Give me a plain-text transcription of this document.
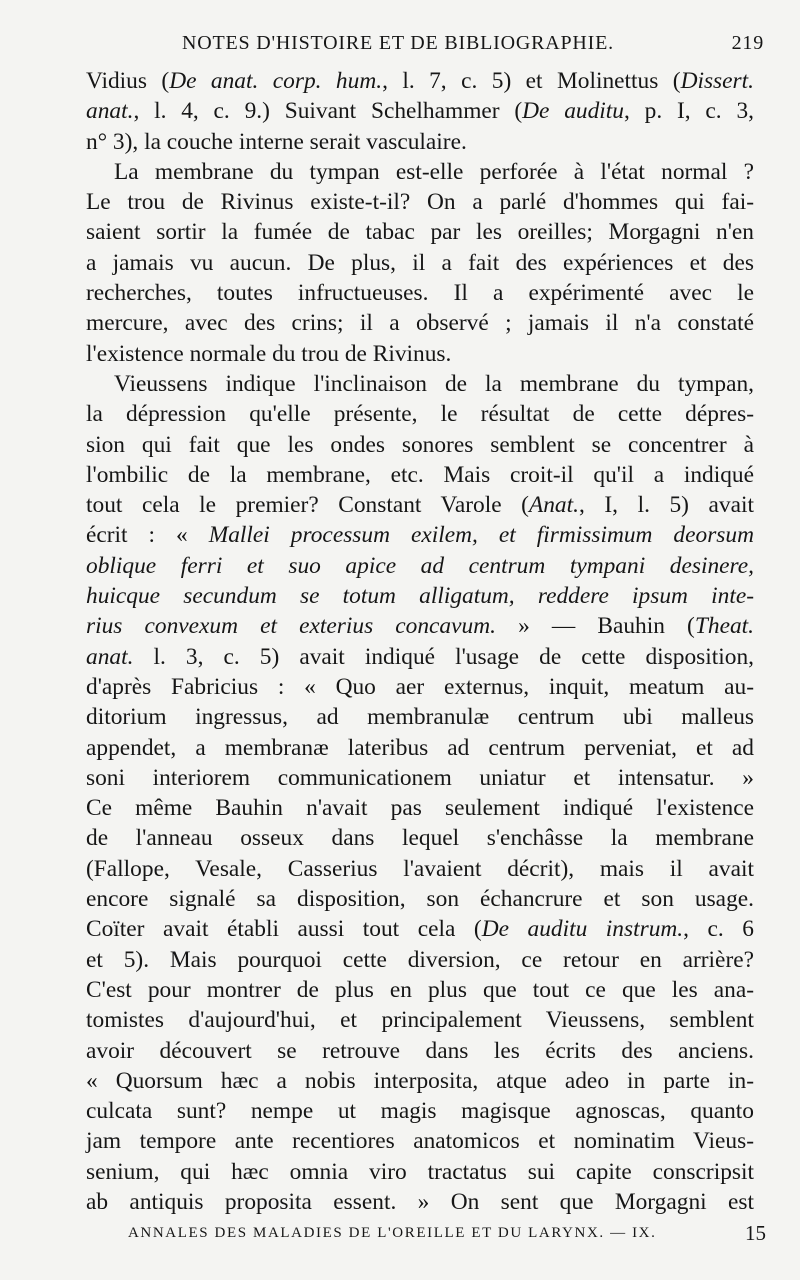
NOTES D'HISTOIRE ET DE BIBLIOGRAPHIE.	219
Vidius (De anat. corp. hum., l. 7, c. 5) et Molinettus (Dissert.
anat., l. 4, c. 9.) Suivant Schelhammer (De auditu, p. I, c. 3,
n° 3), la couche interne serait vasculaire.
La membrane du tympan est-elle perforée à l'état normal ?
Le trou de Rivinus existe-t-il? On a parlé d'hommes qui fai-
saient sortir la fumée de tabac par les oreilles; Morgagni n'en
a jamais vu aucun. De plus, il a fait des expériences et des
recherches, toutes infructueuses. Il a expérimenté avec le
mercure, avec des crins; il a observé ; jamais il n'a constaté
l'existence normale du trou de Rivinus.
Vieussens indique l'inclinaison de la membrane du tympan,
la dépression qu'elle présente, le résultat de cette dépres-
sion qui fait que les ondes sonores semblent se concentrer à
l'ombilic de la membrane, etc. Mais croit-il qu'il a indiqué
tout cela le premier? Constant Varole (Anat., I, l. 5) avait
écrit : « Mallei processum exilem, et firmissimum deorsum
oblique ferri et suo apice ad centrum tympani desinere,
huicque secundum se totum alligatum, reddere ipsum inte-
rius convexum et exterius concavum. » — Bauhin (Theat.
anat. l. 3, c. 5) avait indiqué l'usage de cette disposition,
d'après Fabricius : « Quo aer externus, inquit, meatum au-
ditorium ingressus, ad membranulæ centrum ubi malleus
appendet, a membranæ lateribus ad centrum perveniat, et ad
soni interiorem communicationem uniatur et intensatur. »
Ce même Bauhin n'avait pas seulement indiqué l'existence
de l'anneau osseux dans lequel s'enchâsse la membrane
(Fallope, Vesale, Casserius l'avaient décrit), mais il avait
encore signalé sa disposition, son échancrure et son usage.
Coïter avait établi aussi tout cela (De auditu instrum., c. 6
et 5). Mais pourquoi cette diversion, ce retour en arrière?
C'est pour montrer de plus en plus que tout ce que les ana-
tomistes d'aujourd'hui, et principalement Vieussens, semblent
avoir découvert se retrouve dans les écrits des anciens.
« Quorsum hæc a nobis interposita, atque adeo in parte in-
culcata sunt? nempe ut magis magisque agnoscas, quanto
jam tempore ante recentiores anatomicos et nominatim Vieus-
senium, qui hæc omnia viro tractatus sui capite conscripsit
ab antiquis proposita essent. » On sent que Morgagni est
ANNALES DES MALADIES DE L'OREILLE ET DU LARYNX. — IX.	15
